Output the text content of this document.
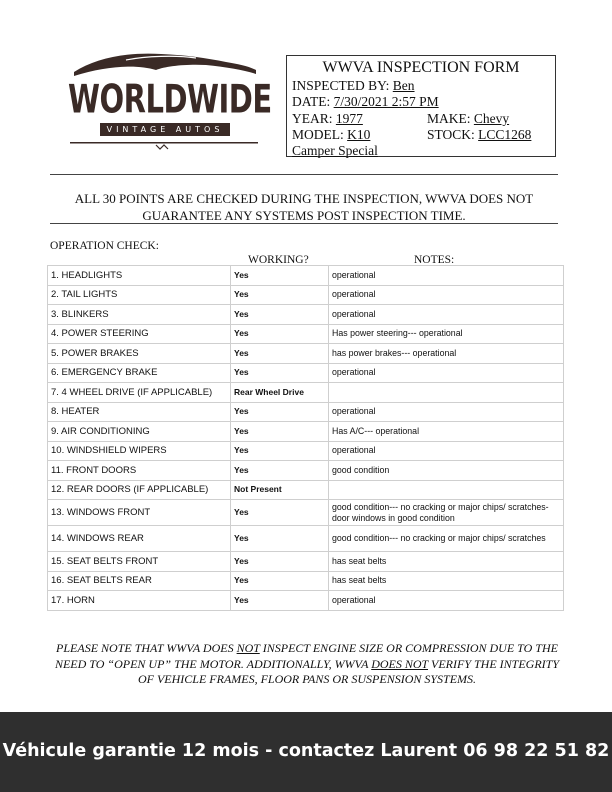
WORLDWIDE
VINTAGE AUTOS
WWVA INSPECTION FORM
INSPECTED BY: Ben
DATE: 7/30/2021 2:57 PM
YEAR: 1977	MAKE: Chevy
MODEL: K10	STOCK: LCC1268
Camper Special
ALL 30 POINTS ARE CHECKED DURING THE INSPECTION, WWVA DOES NOT
GUARANTEE ANY SYSTEMS POST INSPECTION TIME.
OPERATION CHECK:
WORKING?	NOTES:
1. HEADLIGHTS	Yes	operational
2. TAIL LIGHTS	Yes	operational
3. BLINKERS	Yes	operational
4. POWER STEERING	Yes	Has power steering--- operational
5. POWER BRAKES	Yes	has power brakes--- operational
6. EMERGENCY BRAKE	Yes	operational
7. 4 WHEEL DRIVE (IF APPLICABLE)	Rear Wheel Drive	
8. HEATER	Yes	operational
9. AIR CONDITIONING	Yes	Has A/C--- operational
10. WINDSHIELD WIPERS	Yes	operational
11. FRONT DOORS	Yes	good condition
12. REAR DOORS (IF APPLICABLE)	Not Present	
13. WINDOWS FRONT	Yes	good condition--- no cracking or major chips/ scratches- door windows in good condition
14. WINDOWS REAR	Yes	good condition--- no cracking or major chips/ scratches
15. SEAT BELTS FRONT	Yes	has seat belts
16. SEAT BELTS REAR	Yes	has seat belts
17. HORN	Yes	operational
PLEASE NOTE THAT WWVA DOES NOT INSPECT ENGINE SIZE OR COMPRESSION DUE TO THE NEED TO “OPEN UP” THE MOTOR. ADDITIONALLY, WWVA DOES NOT VERIFY THE INTEGRITY OF VEHICLE FRAMES, FLOOR PANS OR SUSPENSION SYSTEMS.
Véhicule garantie 12 mois - contactez Laurent 06 98 22 51 82
